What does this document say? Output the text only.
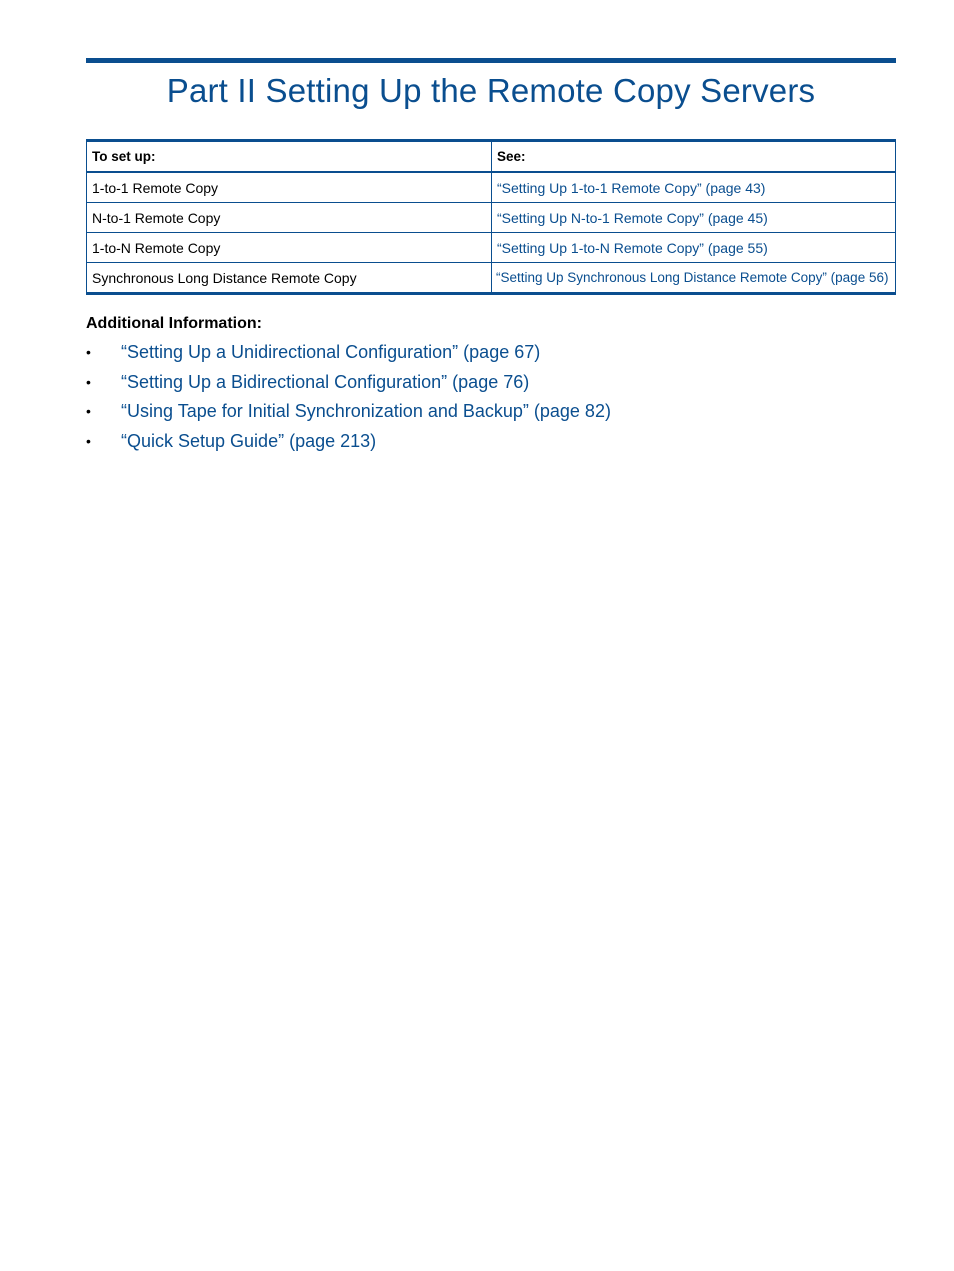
Part II Setting Up the Remote Copy Servers
To set up:	See:
1-to-1 Remote Copy	“Setting Up 1-to-1 Remote Copy” (page 43)
N-to-1 Remote Copy	“Setting Up N-to-1 Remote Copy” (page 45)
1-to-N Remote Copy	“Setting Up 1-to-N Remote Copy” (page 55)
Synchronous Long Distance Remote Copy	“Setting Up Synchronous Long Distance Remote Copy” (page 56)
Additional Information:
•	“Setting Up a Unidirectional Configuration” (page 67)
•	“Setting Up a Bidirectional Configuration” (page 76)
•	“Using Tape for Initial Synchronization and Backup” (page 82)
•	“Quick Setup Guide” (page 213)
